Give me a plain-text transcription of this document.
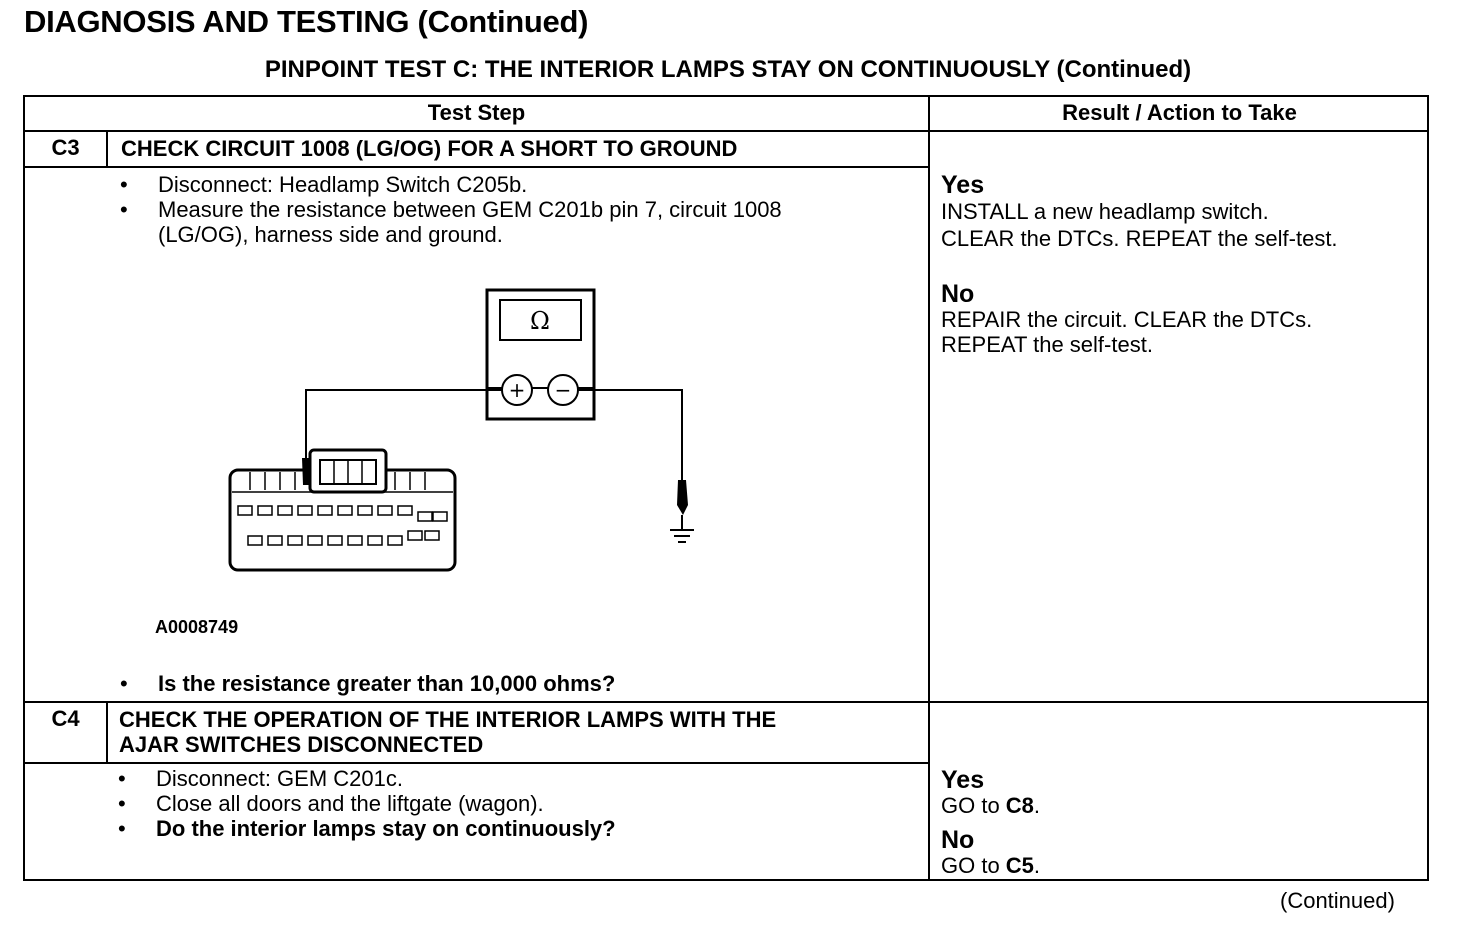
DIAGNOSIS AND TESTING (Continued)
PINPOINT TEST C: THE INTERIOR LAMPS STAY ON CONTINUOUSLY (Continued)
Test Step	Result / Action to Take
C3	CHECK CIRCUIT 1008 (LG/OG) FOR A SHORT TO GROUND
• Disconnect: Headlamp Switch C205b.
• Measure the resistance between GEM C201b pin 7, circuit 1008
(LG/OG), harness side and ground.
Ω
+ −
A0008749
• Is the resistance greater than 10,000 ohms?
Yes
INSTALL a new headlamp switch.
CLEAR the DTCs. REPEAT the self-test.
No
REPAIR the circuit. CLEAR the DTCs.
REPEAT the self-test.
C4	CHECK THE OPERATION OF THE INTERIOR LAMPS WITH THE
AJAR SWITCHES DISCONNECTED
• Disconnect: GEM C201c.
• Close all doors and the liftgate (wagon).
• Do the interior lamps stay on continuously?
Yes
GO to C8.
No
GO to C5.
(Continued)
